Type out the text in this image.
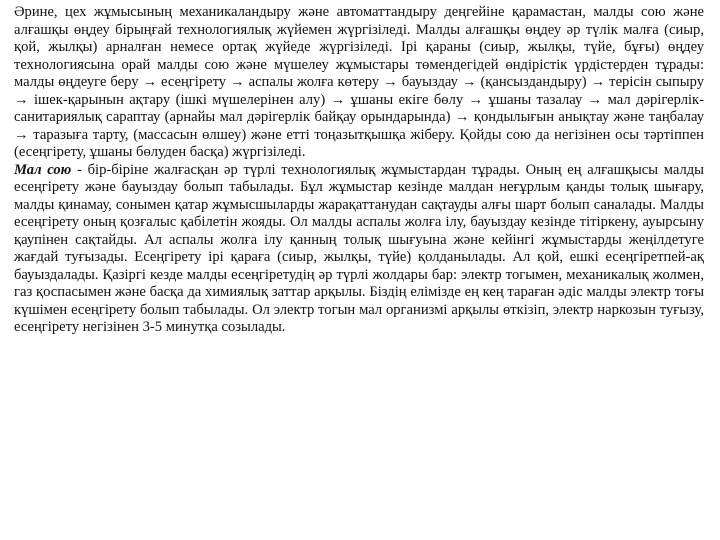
Әрине, цех жұмысының механикаландыру және автоматтандыру деңгейіне қарамастан, малды сою және алғашқы өңдеу бірыңғай технологиялық жүйемен жүргізіледі. Малды алғашқы өңдеу әр түлік малға (сиыр, қой, жылқы) арналған немесе ортақ жүйеде жүргізіледі. Ірі қараны (сиыр, жылқы, түйе, бұғы) өңдеу технологиясына орай малды сою және мүшелеу жұмыстары төмендегідей өндірістік үрдістерден тұрады: малды өңдеуге беру → есеңгірету → аспалы жолға көтеру → бауыздау → (қансыздандыру) → терісін сыпыру → ішек-қарынын ақтару (ішкі мүшелерінен алу) → ұшаны екіге бөлу → ұшаны тазалау → мал дәрігерлік-санитариялық сараптау (арнайы мал дәрігерлік байқау орындарында) → қондылығын анықтау және таңбалау → таразыға тарту, (массасын өлшеу) және етті тоңазытқышқа жіберу. Қойды сою да негізінен осы тәртіппен (есеңгірету, ұшаны бөлуден басқа) жүргізіледі.

Мал сою - бір-біріне жалғасқан әр түрлі технологиялық жұмыстардан тұрады. Оның ең алғашқысы малды есеңгірету және бауыздау болып табылады. Бұл жұмыстар кезінде малдан неғұрлым қанды толық шығару, малды қинамау, сонымен қатар жұмысшыларды жарақаттанудан сақтауды алғы шарт болып саналады. Малды есеңгірету оның қозғалыс қабілетін жояды. Ол малды аспалы жолға ілу, бауыздау кезінде тітіркену, ауырсыну қаупінен сақтайды. Ал аспалы жолға ілу қанның толық шығуына және кейінгі жұмыстарды жеңілдетуге жағдай туғызады. Есеңгірету ірі қараға (сиыр, жылқы, түйе) қолданылады. Ал қой, ешкі есеңгіретпей-ақ бауыздалады. Қазіргі кезде малды есеңгіретудің әр түрлі жолдары бар: электр тогымен, механикалық жолмен, газ қоспасымен және басқа да химиялық заттар арқылы. Біздің елімізде ең кең тараған әдіс малды электр тоғы күшімен есеңгірету болып табылады. Ол электр тогын мал организмі арқылы өткізіп, электр наркозын туғызу, есеңгірету негізінен 3-5 минутқа созылады.
